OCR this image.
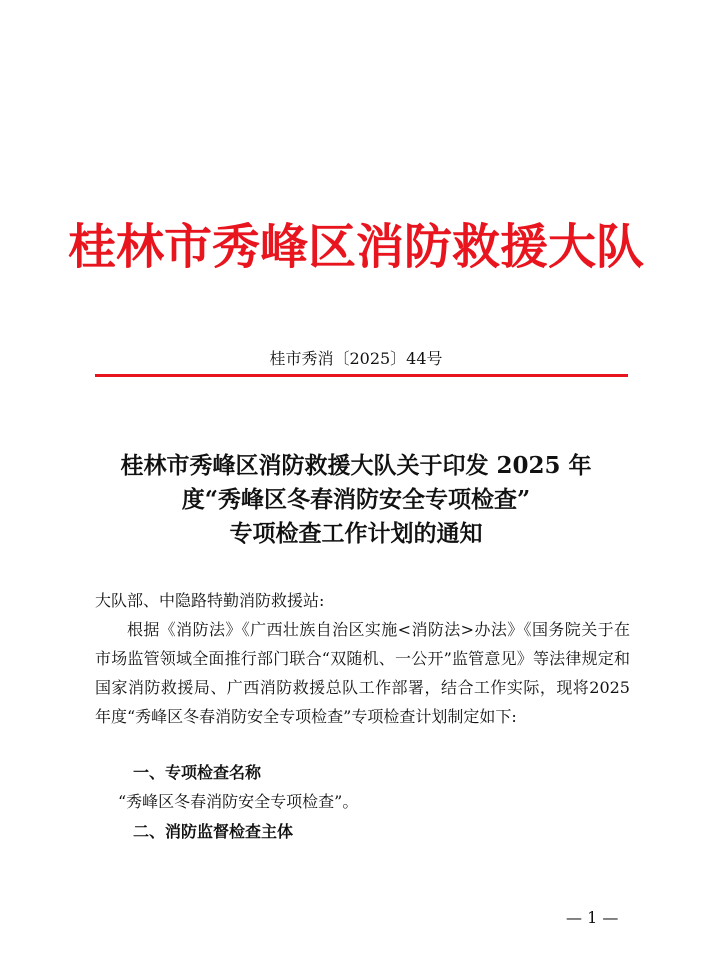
桂林市秀峰区消防救援大队
桂市秀消〔2025〕44号
桂林市秀峰区消防救援大队关于印发 2025 年
度“秀峰区冬春消防安全专项检查”
专项检查工作计划的通知
大队部、中隐路特勤消防救援站:
根据《消防法》《广西壮族自治区实施<消防法>办法》《国务院关于在市场监管领域全面推行部门联合“双随机、一公开”监管意见》等法律规定和国家消防救援局、广西消防救援总队工作部署，结合工作实际，现将2025年度“秀峰区冬春消防安全专项检查”专项检查计划制定如下:
一、专项检查名称
“秀峰区冬春消防安全专项检查”。
二、消防监督检查主体
— 1 —
